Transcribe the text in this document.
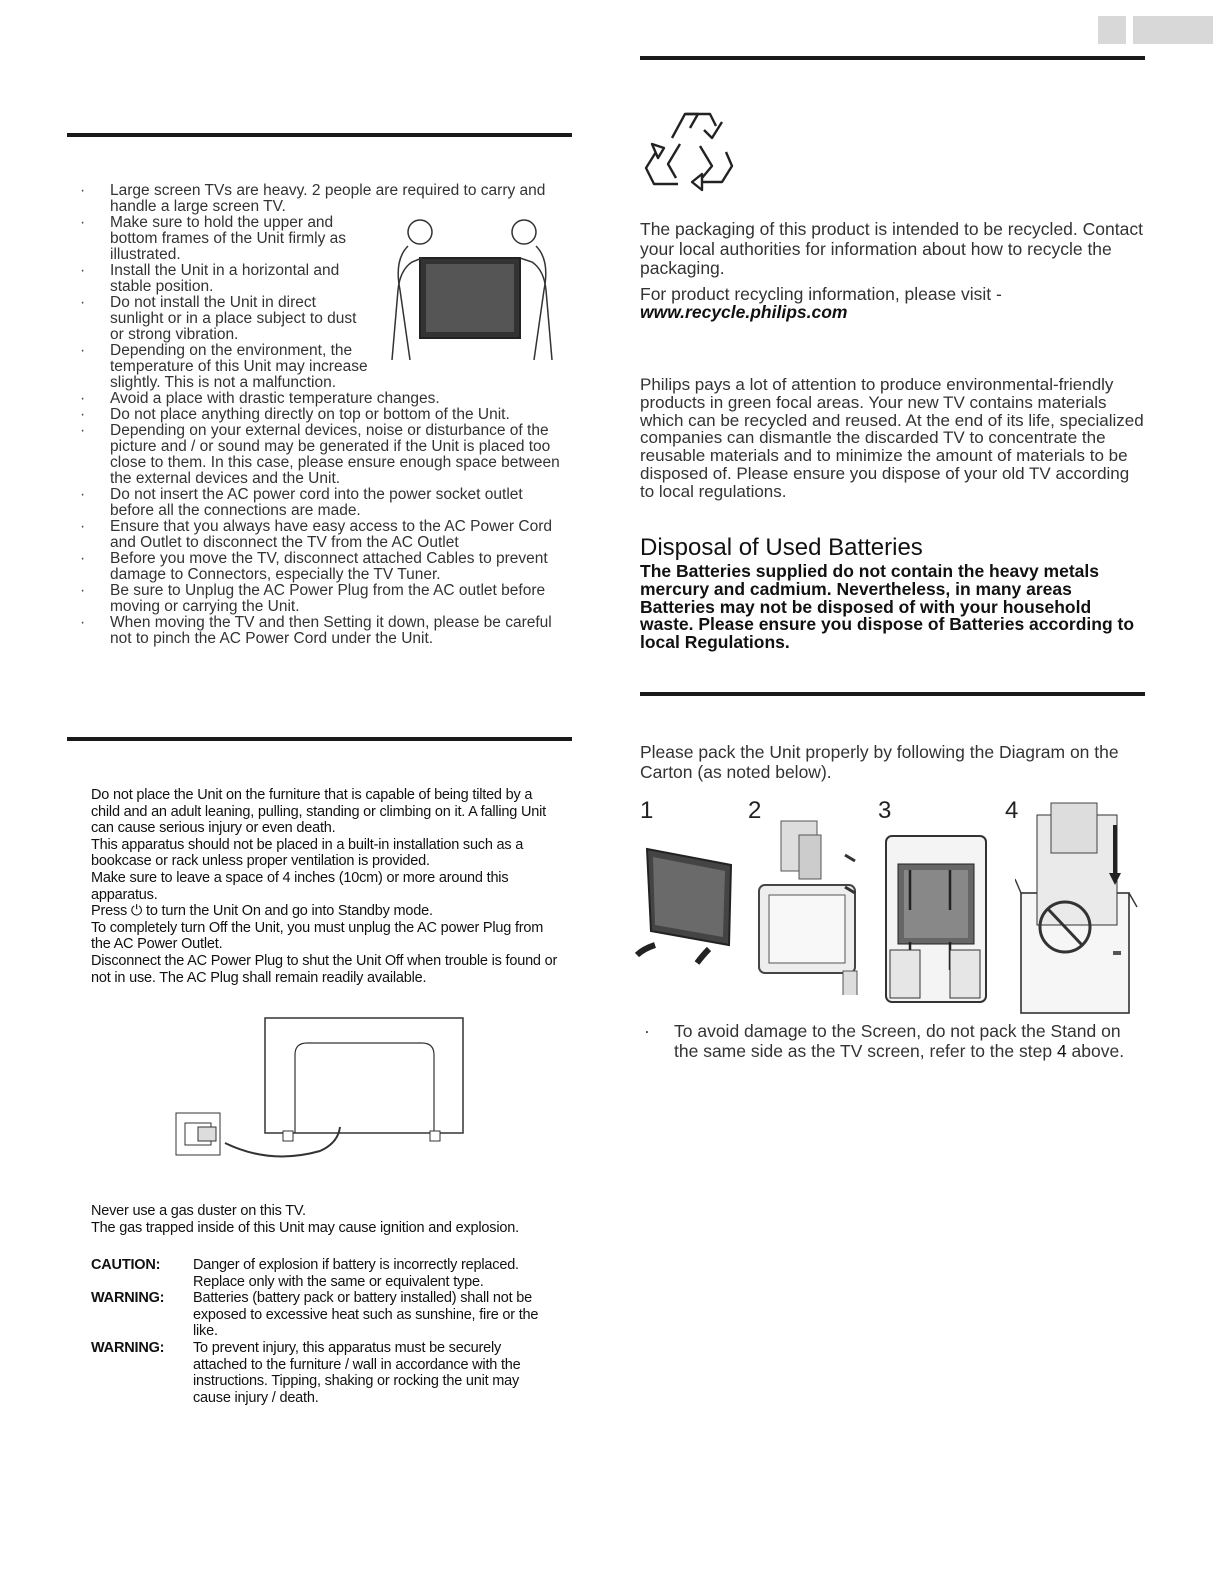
· Large screen TVs are heavy. 2 people are required to carry and handle a large screen TV.
· Make sure to hold the upper and bottom frames of the Unit firmly as illustrated.
· Install the Unit in a horizontal and stable position.
· Do not install the Unit in direct sunlight or in a place subject to dust or strong vibration.
· Depending on the environment, the temperature of this Unit may increase slightly. This is not a malfunction.
· Avoid a place with drastic temperature changes.
· Do not place anything directly on top or bottom of the Unit.
· Depending on your external devices, noise or disturbance of the picture and / or sound may be generated if the Unit is placed too close to them. In this case, please ensure enough space between the external devices and the Unit.
· Do not insert the AC power cord into the power socket outlet before all the connections are made.
· Ensure that you always have easy access to the AC Power Cord and Outlet to disconnect the TV from the AC Outlet
· Before you move the TV, disconnect attached Cables to prevent damage to Connectors, especially the TV Tuner.
· Be sure to Unplug the AC Power Plug from the AC outlet before moving or carrying the Unit.
· When moving the TV and then Setting it down, please be careful not to pinch the AC Power Cord under the Unit.
Do not place the Unit on the furniture that is capable of being tilted by a child and an adult leaning, pulling, standing or climbing on it. A falling Unit can cause serious injury or even death.
This apparatus should not be placed in a built-in installation such as a bookcase or rack unless proper ventilation is provided.
Make sure to leave a space of 4 inches (10cm) or more around this apparatus.
Press ⏻ to turn the Unit On and go into Standby mode.
To completely turn Off the Unit, you must unplug the AC power Plug from the AC Power Outlet.
Disconnect the AC Power Plug to shut the Unit Off when trouble is found or not in use. The AC Plug shall remain readily available.
Never use a gas duster on this TV.
The gas trapped inside of this Unit may cause ignition and explosion.
CAUTION:	Danger of explosion if battery is incorrectly replaced. Replace only with the same or equivalent type.
WARNING:	Batteries (battery pack or battery installed) shall not be exposed to excessive heat such as sunshine, fire or the like.
WARNING:	To prevent injury, this apparatus must be securely attached to the furniture / wall in accordance with the instructions. Tipping, shaking or rocking the unit may cause injury / death.
The packaging of this product is intended to be recycled. Contact your local authorities for information about how to recycle the packaging.
For product recycling information, please visit -
www.recycle.philips.com
Philips pays a lot of attention to produce environmental-friendly products in green focal areas. Your new TV contains materials which can be recycled and reused. At the end of its life, specialized companies can dismantle the discarded TV to concentrate the reusable materials and to minimize the amount of materials to be disposed of. Please ensure you dispose of your old TV according to local regulations.
Disposal of Used Batteries
The Batteries supplied do not contain the heavy metals mercury and cadmium. Nevertheless, in many areas Batteries may not be disposed of with your household waste. Please ensure you dispose of Batteries according to local Regulations.
Please pack the Unit properly by following the Diagram on the Carton (as noted below).
1	2	3	4
· To avoid damage to the Screen, do not pack the Stand on the same side as the TV screen, refer to the step 4 above.
